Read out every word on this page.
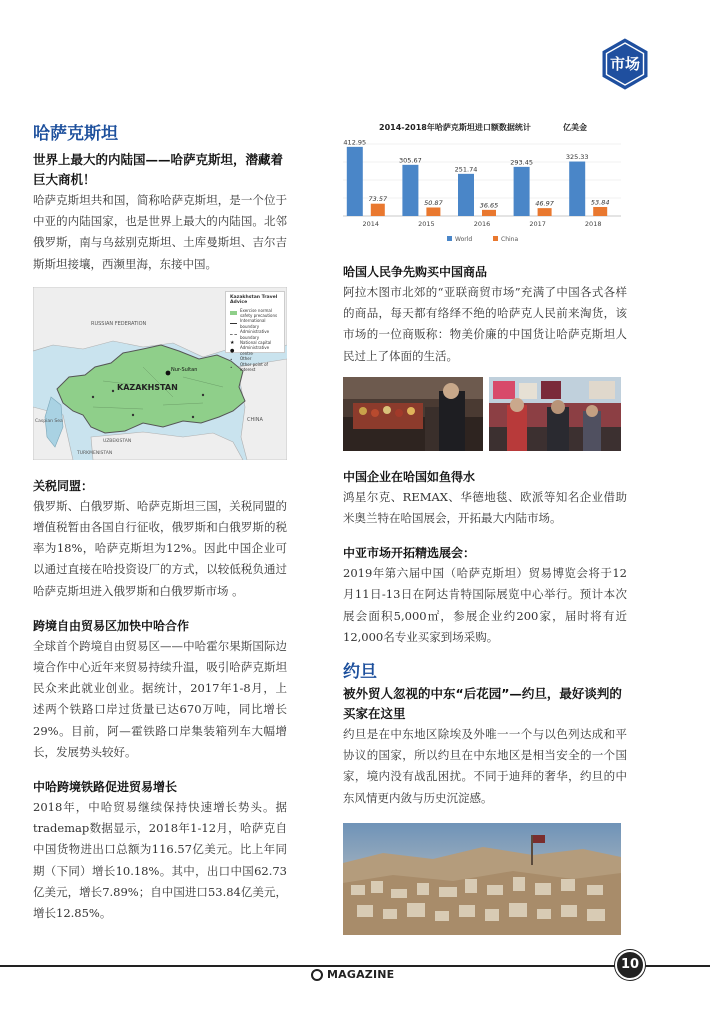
市场
哈萨克斯坦
世界上最大的内陆国——哈萨克斯坦，潜藏着巨大商机！
哈萨克斯坦共和国，简称哈萨克斯坦，是一个位于中亚的内陆国家，也是世界上最大的内陆国。北邻俄罗斯，南与乌兹别克斯坦、土库曼斯坦、吉尔吉斯斯坦接壤，西濒里海，东接中国。
RUSSIAN FEDERATION
KAZAKHSTAN
Nur-Sultan
CHINA
UZBEKISTAN
TURKMENISTAN
Caspian Sea
Kazakhstan Travel Advice
Exercise normal safety precautions
International boundary
Administrative boundary
★	National capital
●	Administrative centre
•	Other
•
Other point of interest
关税同盟：
俄罗斯、白俄罗斯、哈萨克斯坦三国，关税同盟的增值税暂由各国自行征收，俄罗斯和白俄罗斯的税率为18%，哈萨克斯坦为12%。因此中国企业可以通过直接在哈投资设厂的方式，以较低税负通过哈萨克斯坦进入俄罗斯和白俄罗斯市场 。
跨境自由贸易区加快中哈合作
全球首个跨境自由贸易区——中哈霍尔果斯国际边境合作中心近年来贸易持续升温，吸引哈萨克斯坦民众来此就业创业。据统计，2017年1-8月，上述两个铁路口岸过货量已达670万吨，同比增长29%。目前，阿—霍铁路口岸集装箱列车大幅增长，发展势头较好。
中哈跨境铁路促进贸易增长
2018年，中哈贸易继续保持快速增长势头。据trademap数据显示，2018年1-12月，哈萨克自中国货物进出口总额为116.57亿美元。比上年同期（下同）增长10.18%。其中，出口中国62.73亿美元，增长7.89%；自中国进口53.84亿美元，增长12.85%。
2014-2018年哈萨克斯坦进口额数据统计	亿美金
412.95
73.57
2014
305.67
50.87
2015
251.74
36.65
2016
293.45
46.97
2017
325.33
53.84
2018
World	China
哈国人民争先购买中国商品
阿拉木图市北郊的“亚联商贸市场”充满了中国各式各样的商品，每天都有络绎不绝的哈萨克人民前来淘货，该市场的一位商贩称：物美价廉的中国货让哈萨克斯坦人民过上了体面的生活。
中国企业在哈国如鱼得水
鸿星尔克、REMAX、华德地毯、欧派等知名企业借助米奥兰特在哈国展会，开拓最大内陆市场。
中亚市场开拓精选展会：
2019年第六届中国（哈萨克斯坦）贸易博览会将于12月11日-13日在阿达肯特国际展览中心举行。预计本次展会面积5,000㎡，参展企业约200家，届时将有近12,000名专业买家到场采购。
约旦
被外贸人忽视的中东“后花园”—约旦，最好谈判的买家在这里
约旦是在中东地区除埃及外唯一一个与以色列达成和平协议的国家，所以约旦在中东地区是相当安全的一个国家，境内没有战乱困扰。不同于迪拜的奢华，约旦的中东风情更内敛与历史沉淀感。
MAGAZINE
10
